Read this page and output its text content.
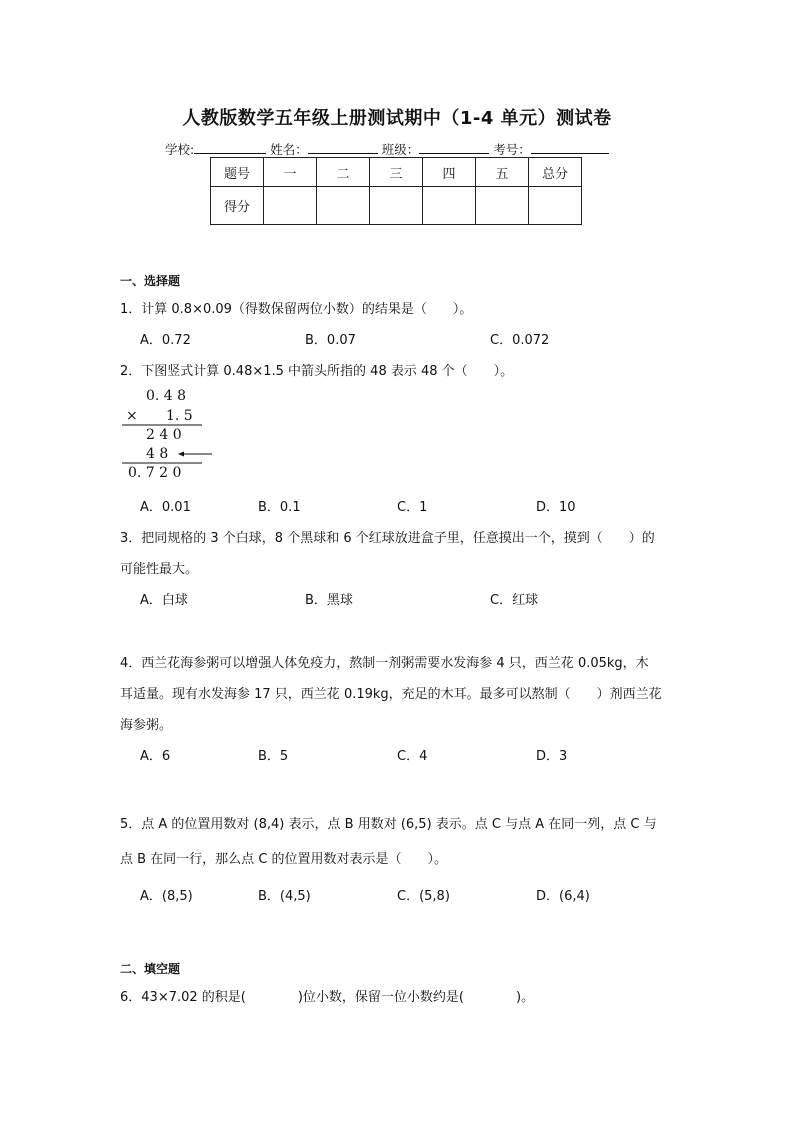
人教版数学五年级上册测试期中（1-4 单元）测试卷
学校:	姓名：	班级：	考号：
题号	一	二	三	四	五	总分
得分						
一、选择题
1．计算 0.8×0.09（得数保留两位小数）的结果是（　　）。
A．0.72	B．0.07	C．0.072
2．下图竖式计算 0.48×1.5 中箭头所指的 48 表示 48 个（　　）。
0. 4 8
× 1. 5
2 4 0
4 8
0. 7 2 0
A．0.01	B．0.1	C．1	D．10
3．把同规格的 3 个白球，8 个黑球和 6 个红球放进盒子里，任意摸出一个，摸到（　　）的
可能性最大。
A．白球	B．黑球	C．红球
4．西兰花海参粥可以增强人体免疫力，熬制一剂粥需要水发海参 4 只，西兰花 0.05kg，木
耳适量。现有水发海参 17 只，西兰花 0.19kg，充足的木耳。最多可以熬制（　　）剂西兰花
海参粥。
A．6	B．5	C．4	D．3
5．点 A 的位置用数对 (8,4) 表示，点 B 用数对 (6,5) 表示。点 C 与点 A 在同一列，点 C 与
点 B 在同一行，那么点 C 的位置用数对表示是（　　）。
A．(8,5)	B．(4,5)	C．(5,8)	D．(6,4)
二、填空题
6．43×7.02 的积是(　　　　)位小数，保留一位小数约是(　　　　)。
